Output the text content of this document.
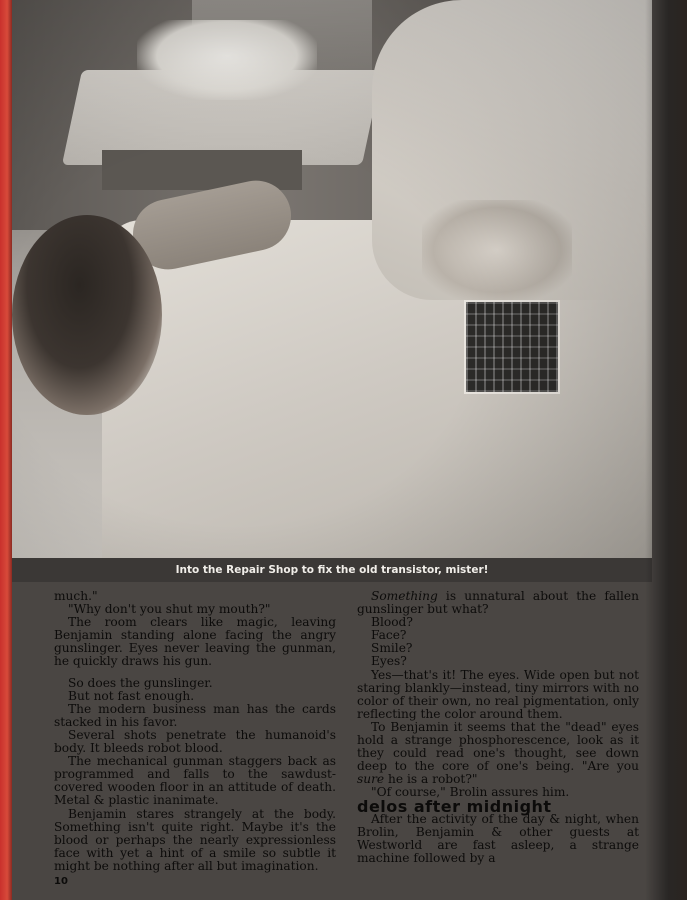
Into the Repair Shop to fix the old transistor, mister!

much."

"Why don't you shut my mouth?"

The room clears like magic, leaving Benjamin standing alone facing the angry gunslinger. Eyes never leaving the gunman, he quickly draws his gun.

So does the gunslinger.

But not fast enough.

The modern business man has the cards stacked in his favor.

Several shots penetrate the humanoid's body. It bleeds robot blood.

The mechanical gunman staggers back as programmed and falls to the sawdust-covered wooden floor in an attitude of death. Metal & plastic inanimate.

Benjamin stares strangely at the body. Something isn't quite right. Maybe it's the blood or perhaps the nearly expressionless face with yet a hint of a smile so subtle it might be nothing after all but imagination.

Something is unnatural about the fallen gunslinger but what?

Blood?

Face?

Smile?

Eyes?

Yes—that's it! The eyes. Wide open but not staring blankly—instead, tiny mirrors with no color of their own, no real pigmentation, only reflecting the color around them.

To Benjamin it seems that the "dead" eyes hold a strange phosphorescence, look as it they could read one's thought, see down deep to the core of one's being. "Are you sure he is a robot?"

"Of course," Brolin assures him.

delos after midnight

After the activity of the day & night, when Brolin, Benjamin & other guests at Westworld are fast asleep, a strange machine followed by a

10
